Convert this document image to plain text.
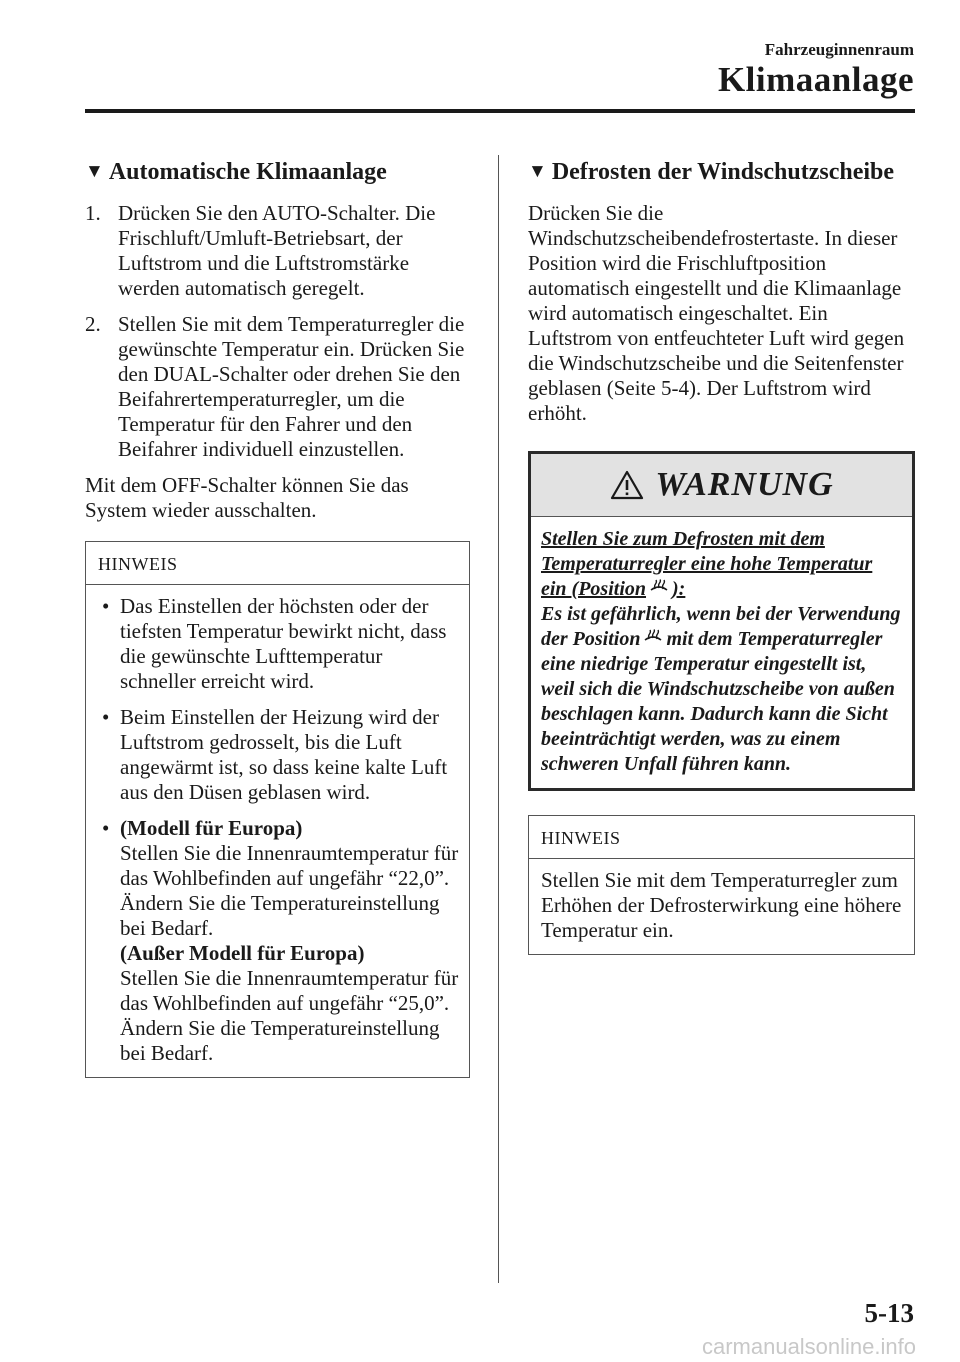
Fahrzeuginnenraum
Klimaanlage
▼ Automatische Klimaanlage
1. Drücken Sie den AUTO-Schalter. Die Frischluft/Umluft-Betriebsart, der Luftstrom und die Luftstromstärke werden automatisch geregelt.
2. Stellen Sie mit dem Temperaturregler die gewünschte Temperatur ein. Drücken Sie den DUAL-Schalter oder drehen Sie den Beifahrertemperaturregler, um die Temperatur für den Fahrer und den Beifahrer individuell einzustellen.

Mit dem OFF-Schalter können Sie das System wieder ausschalten.

HINWEIS
• Das Einstellen der höchsten oder der tiefsten Temperatur bewirkt nicht, dass die gewünschte Lufttemperatur schneller erreicht wird.
• Beim Einstellen der Heizung wird der Luftstrom gedrosselt, bis die Luft angewärmt ist, so dass keine kalte Luft aus den Düsen geblasen wird.
• (Modell für Europa)
Stellen Sie die Innenraumtemperatur für das Wohlbefinden auf ungefähr “22,0”. Ändern Sie die Temperatureinstellung bei Bedarf.
(Außer Modell für Europa)
Stellen Sie die Innenraumtemperatur für das Wohlbefinden auf ungefähr “25,0”. Ändern Sie die Temperatureinstellung bei Bedarf.
▼ Defrosten der Windschutzscheibe

Drücken Sie die Windschutzscheibendefrostertaste. In dieser Position wird die Frischluftposition automatisch eingestellt und die Klimaanlage wird automatisch eingeschaltet. Ein Luftstrom von entfeuchteter Luft wird gegen die Windschutzscheibe und die Seitenfenster geblasen (Seite 5-4). Der Luftstrom wird erhöht.

WARNUNG
Stellen Sie zum Defrosten mit dem Temperaturregler eine hohe Temperatur ein (Position ):
Es ist gefährlich, wenn bei der Verwendung der Position mit dem Temperaturregler eine niedrige Temperatur eingestellt ist, weil sich die Windschutzscheibe von außen beschlagen kann. Dadurch kann die Sicht beeinträchtigt werden, was zu einem schweren Unfall führen kann.
HINWEIS

Stellen Sie mit dem Temperaturregler zum Erhöhen der Defrosterwirkung eine höhere Temperatur ein.

5-13
carmanualsonline.info
